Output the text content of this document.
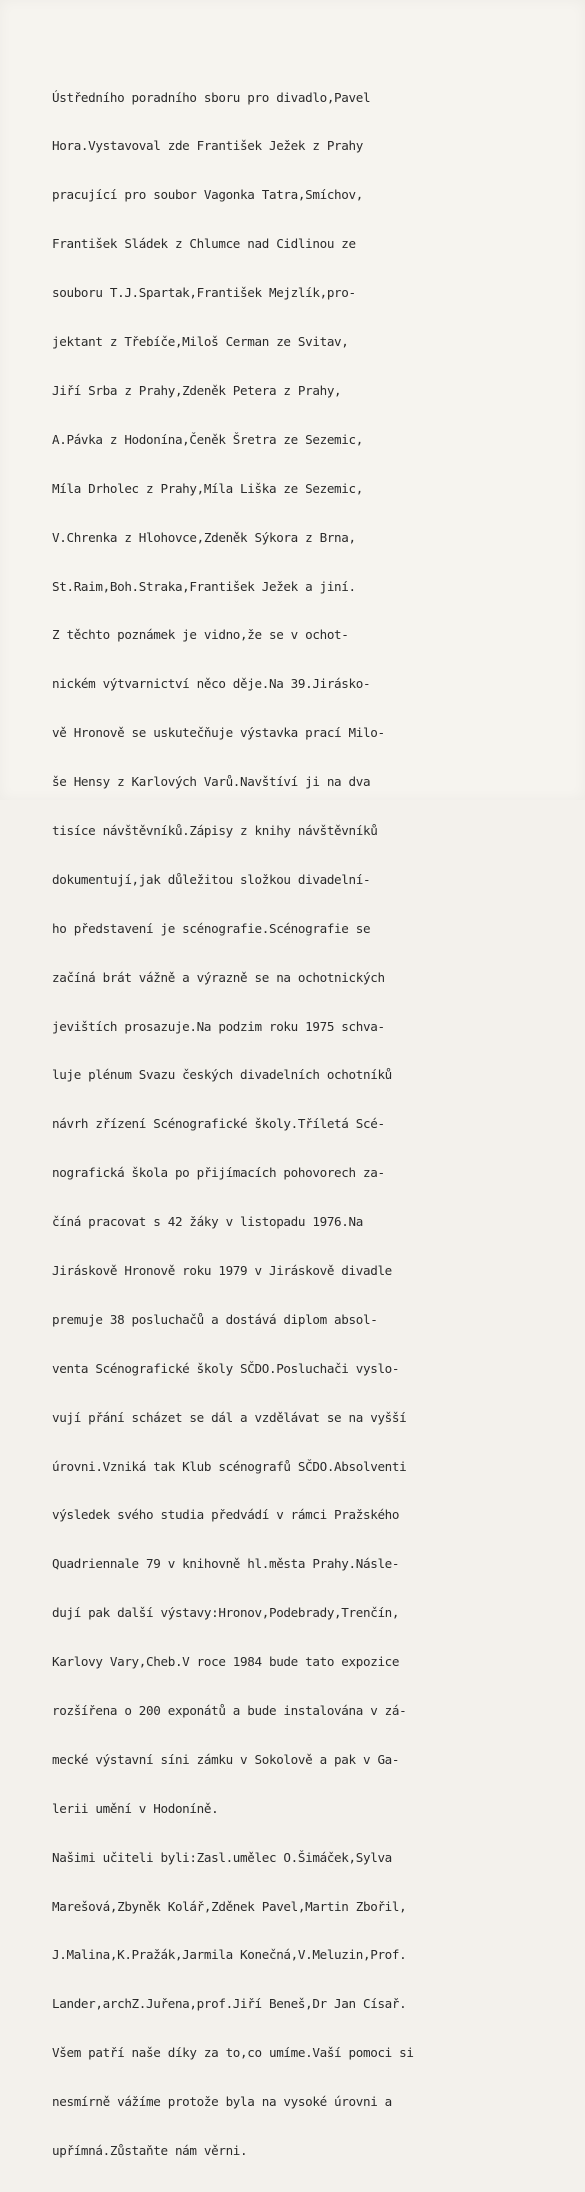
Ústředního poradního sboru pro divadlo,Pavel

Hora.Vystavoval zde František Ježek z Prahy

pracující pro soubor Vagonka Tatra,Smíchov,

František Sládek z Chlumce nad Cidlinou ze

souboru T.J.Spartak,František Mejzlík,pro-

jektant z Třebíče,Miloš Cerman ze Svitav,

Jiří Srba z Prahy,Zdeněk Petera z Prahy,

A.Pávka z Hodonína,Čeněk Šretra ze Sezemic,

Míla Drholec z Prahy,Míla Liška ze Sezemic,

V.Chrenka z Hlohovce,Zdeněk Sýkora z Brna,

St.Raim,Boh.Straka,František Ježek a jiní.

Z těchto poznámek je vidno,že se v ochot-

nickém výtvarnictví něco děje.Na 39.Jirásko-

vě Hronově se uskutečňuje výstavka prací Milo-

še Hensy z Karlových Varů.Navštíví ji na dva

tisíce návštěvníků.Zápisy z knihy návštěvníků

dokumentují,jak důležitou složkou divadelní-

ho představení je scénografie.Scénografie se

začíná brát vážně a výrazně se na ochotnických

jevištích prosazuje.Na podzim roku 1975 schva-

luje plénum Svazu českých divadelních ochotníků

návrh zřízení Scénografické školy.Tříletá Scé-

nografická škola po přijímacích pohovorech za-

číná pracovat s 42 žáky v listopadu 1976.Na

Jiráskově Hronově roku 1979 v Jiráskově divadle

premuje 38 posluchačů a dostává diplom absol-

venta Scénografické školy SČDO.Posluchači vyslo-

vují přání scházet se dál a vzdělávat se na vyšší

úrovni.Vzniká tak Klub scénografů SČDO.Absolventi

výsledek svého studia předvádí v rámci Pražského

Quadriennale 79 v knihovně hl.města Prahy.Násle-

dují pak další výstavy:Hronov,Podebrady,Trenčín,

Karlovy Vary,Cheb.V roce 1984 bude tato expozice

rozšířena o 200 exponátů a bude instalována v zá-

mecké výstavní síni zámku v Sokolově a pak v Ga-

lerii umění v Hodoníně.

Našimi učiteli byli:Zasl.umělec O.Šimáček,Sylva

Marešová,Zbyněk Kolář,Zděnek Pavel,Martin Zbořil,

J.Malina,K.Pražák,Jarmila Konečná,V.Meluzin,Prof.

Lander,archZ.Juřena,prof.Jiří Beneš,Dr Jan Císař.

Všem patří naše díky za to,co umíme.Vaší pomoci si

nesmírně vážíme protože byla na vysoké úrovni a

upřímná.Zůstaňte nám věrni.
